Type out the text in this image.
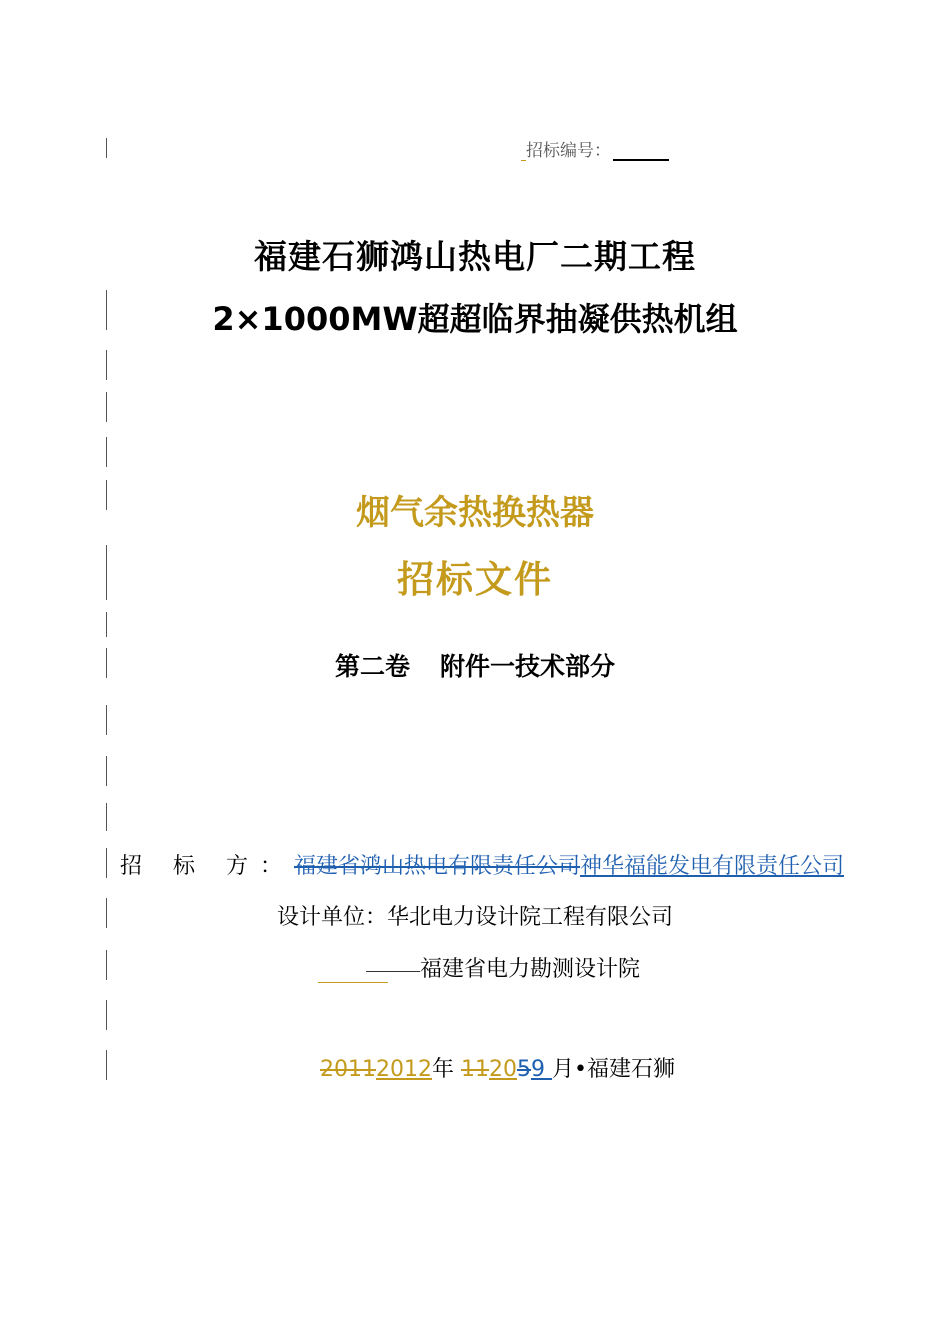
招标编号：
福建石狮鸿山热电厂二期工程
2×1000MW超超临界抽凝供热机组
烟气余热换热器
招标文件
第二卷 附件一技术部分
招 标 方：福建省鸿山热电有限责任公司神华福能发电有限责任公司
设计单位：华北电力设计院工程有限公司
福建省电力勘测设计院
20112012年 112059 月•福建石狮
